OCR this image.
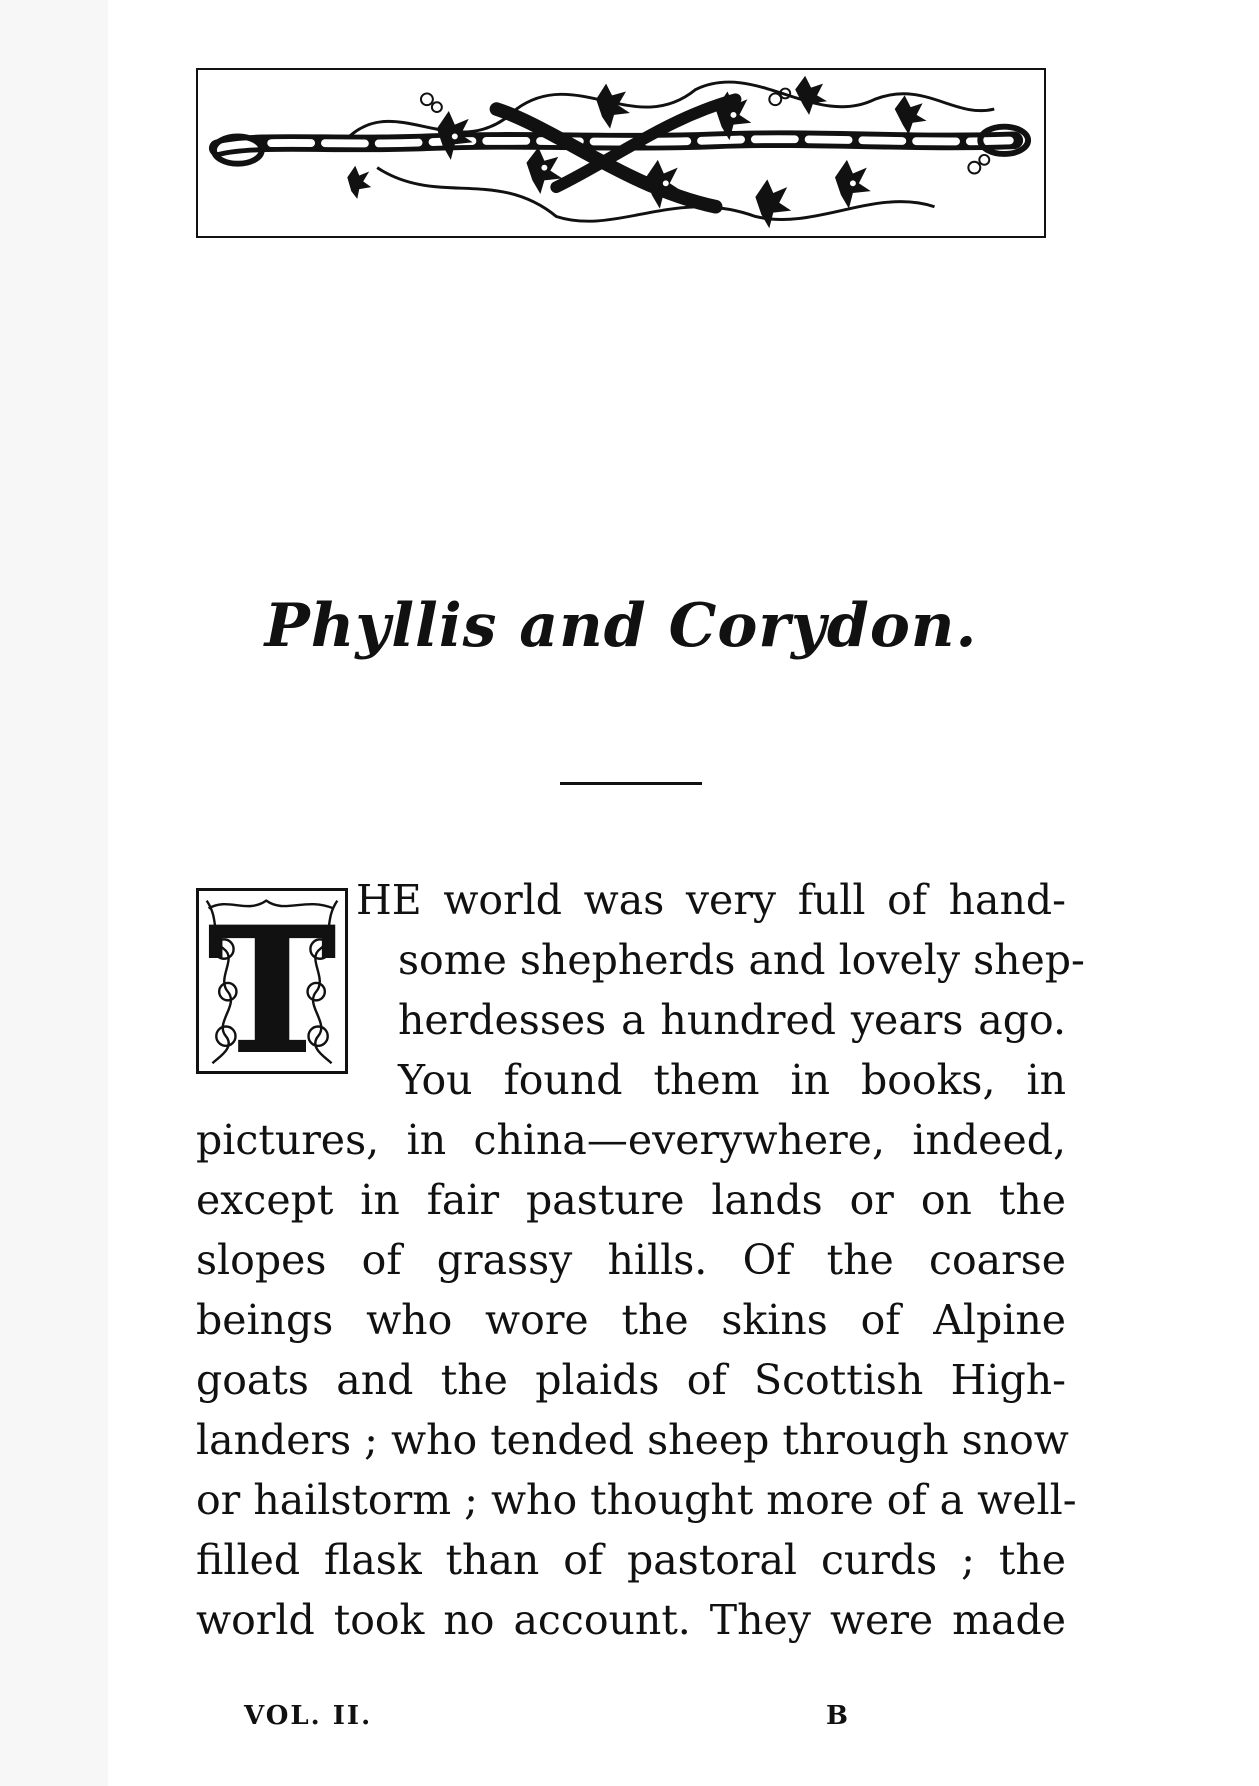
Phyllis and Corydon.
T HE world was very full of hand-
some shepherds and lovely shep-
herdesses a hundred years ago.
You found them in books, in
pictures, in china—everywhere, indeed,
except in fair pasture lands or on the
slopes of grassy hills. Of the coarse
beings who wore the skins of Alpine
goats and the plaids of Scottish High-
landers ; who tended sheep through snow
or hailstorm ; who thought more of a well-
filled flask than of pastoral curds ; the
world took no account. They were made
VOL. II.	B
